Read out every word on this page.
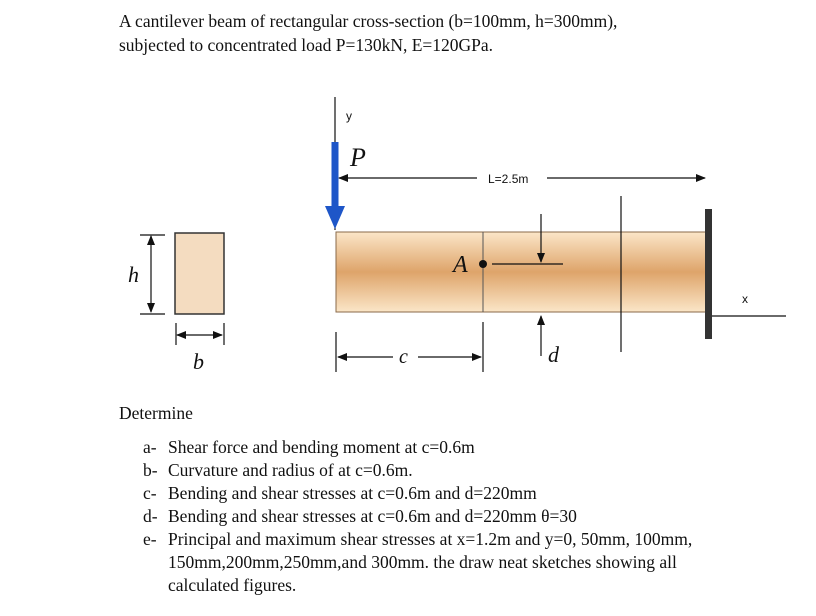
A cantilever beam of rectangular cross-section (b=100mm, h=300mm),
subjected to concentrated load P=130kN, E=120GPa.
h
b
y
P
L=2.5m
x
A
d
c
Determine
a- Shear force and bending moment at c=0.6m
b- Curvature and radius of at c=0.6m.
c- Bending and shear stresses at c=0.6m and d=220mm
d- Bending and shear stresses at c=0.6m and d=220mm θ=30
e- Principal and maximum shear stresses at x=1.2m and y=0, 50mm, 100mm, 150mm,200mm,250mm,and 300mm. the draw neat sketches showing all calculated figures.
